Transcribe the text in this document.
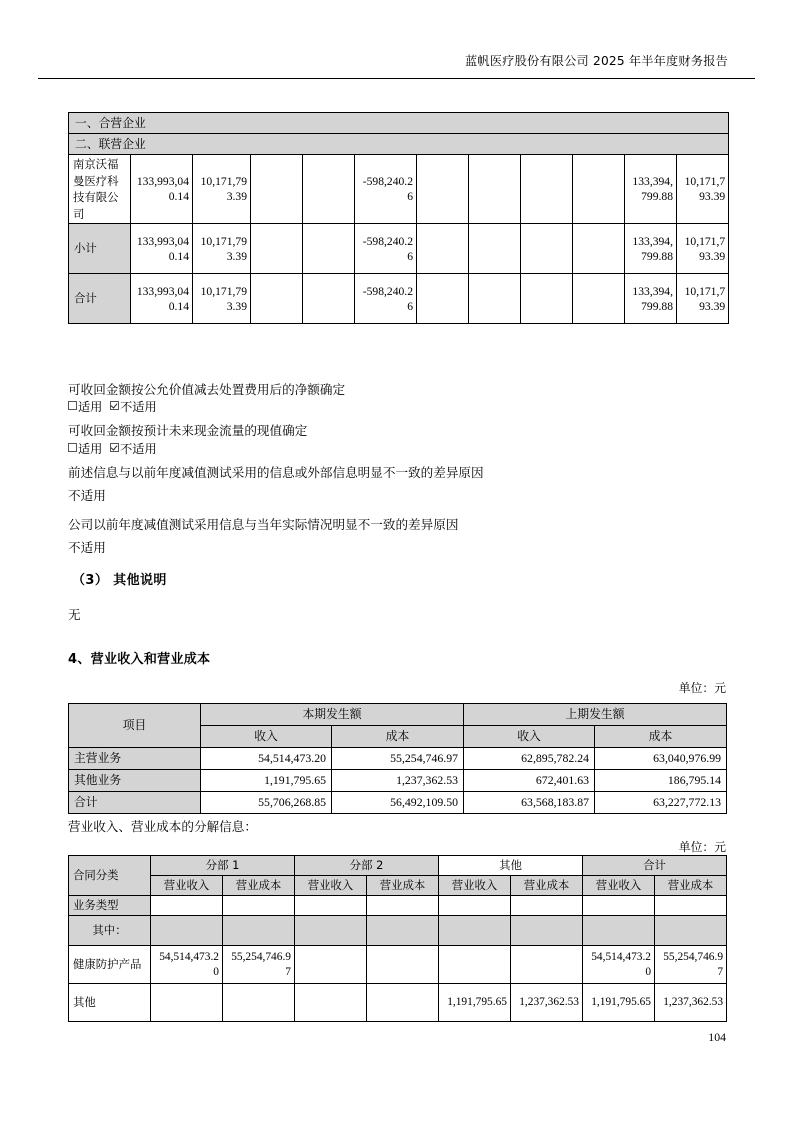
蓝帆医疗股份有限公司 2025 年半年度财务报告
一、合营企业											
二、联营企业											
南京沃福曼医疗科技有限公司	133,993,040.14	10,171,793.39			-598,240.26					133,394,799.88	10,171,793.39
小计	133,993,040.14	10,171,793.39			-598,240.26					133,394,799.88	10,171,793.39
合计	133,993,040.14	10,171,793.39			-598,240.26					133,394,799.88	10,171,793.39
可收回金额按公允价值减去处置费用后的净额确定
适用 不适用
可收回金额按预计未来现金流量的现值确定
适用 不适用
前述信息与以前年度减值测试采用的信息或外部信息明显不一致的差异原因
不适用
公司以前年度减值测试采用信息与当年实际情况明显不一致的差异原因
不适用
（3） 其他说明
无
4、营业收入和营业成本
单位：元
项目	本期发生额		上期发生额	
	收入	成本	收入	成本
主营业务	54,514,473.20	55,254,746.97	62,895,782.24	63,040,976.99
其他业务	1,191,795.65	1,237,362.53	672,401.63	186,795.14
合计	55,706,268.85	56,492,109.50	63,568,183.87	63,227,772.13
营业收入、营业成本的分解信息：
单位：元
合同分类	分部 1		分部 2		其他		合计	
	营业收入	营业成本	营业收入	营业成本	营业收入	营业成本	营业收入	营业成本
业务类型								
其中：								
健康防护产品	54,514,473.20	55,254,746.97					54,514,473.20	55,254,746.97
其他					1,191,795.65	1,237,362.53	1,191,795.65	1,237,362.53
104
